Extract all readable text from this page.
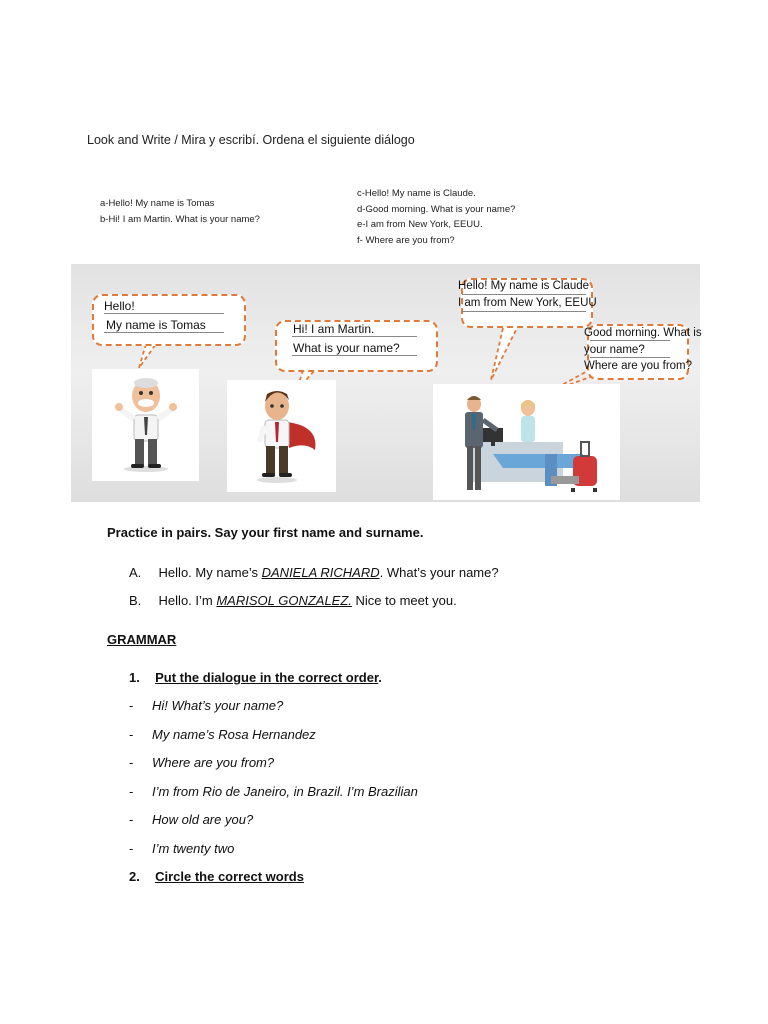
Look and Write / Mira y escribí. Ordena el siguiente diálogo
a-Hello! My name is Tomas
b-Hi! I am Martin. What is your name?
c-Hello! My name is Claude.
d-Good morning. What is your name?
e-I am from New York, EEUU.
f- Where are you from?
Hello!
My name is Tomas	Hi! I am Martin.
What is your name?
Hello! My name is Claude
I am from New York, EEUU
Good morning. What is
your name?
Where are you from?
Practice in pairs. Say your first name and surname.
A. Hello. My name’s DANIELA RICHARD. What’s your name?
B. Hello. I’m MARISOL GONZALEZ. Nice to meet you.
GRAMMAR
1. Put the dialogue in the correct order.
- Hi! What’s your name?
- My name’s Rosa Hernandez
- Where are you from?
- I’m from Rio de Janeiro, in Brazil. I’m Brazilian
- How old are you?
- I’m twenty two
2. Circle the correct words
